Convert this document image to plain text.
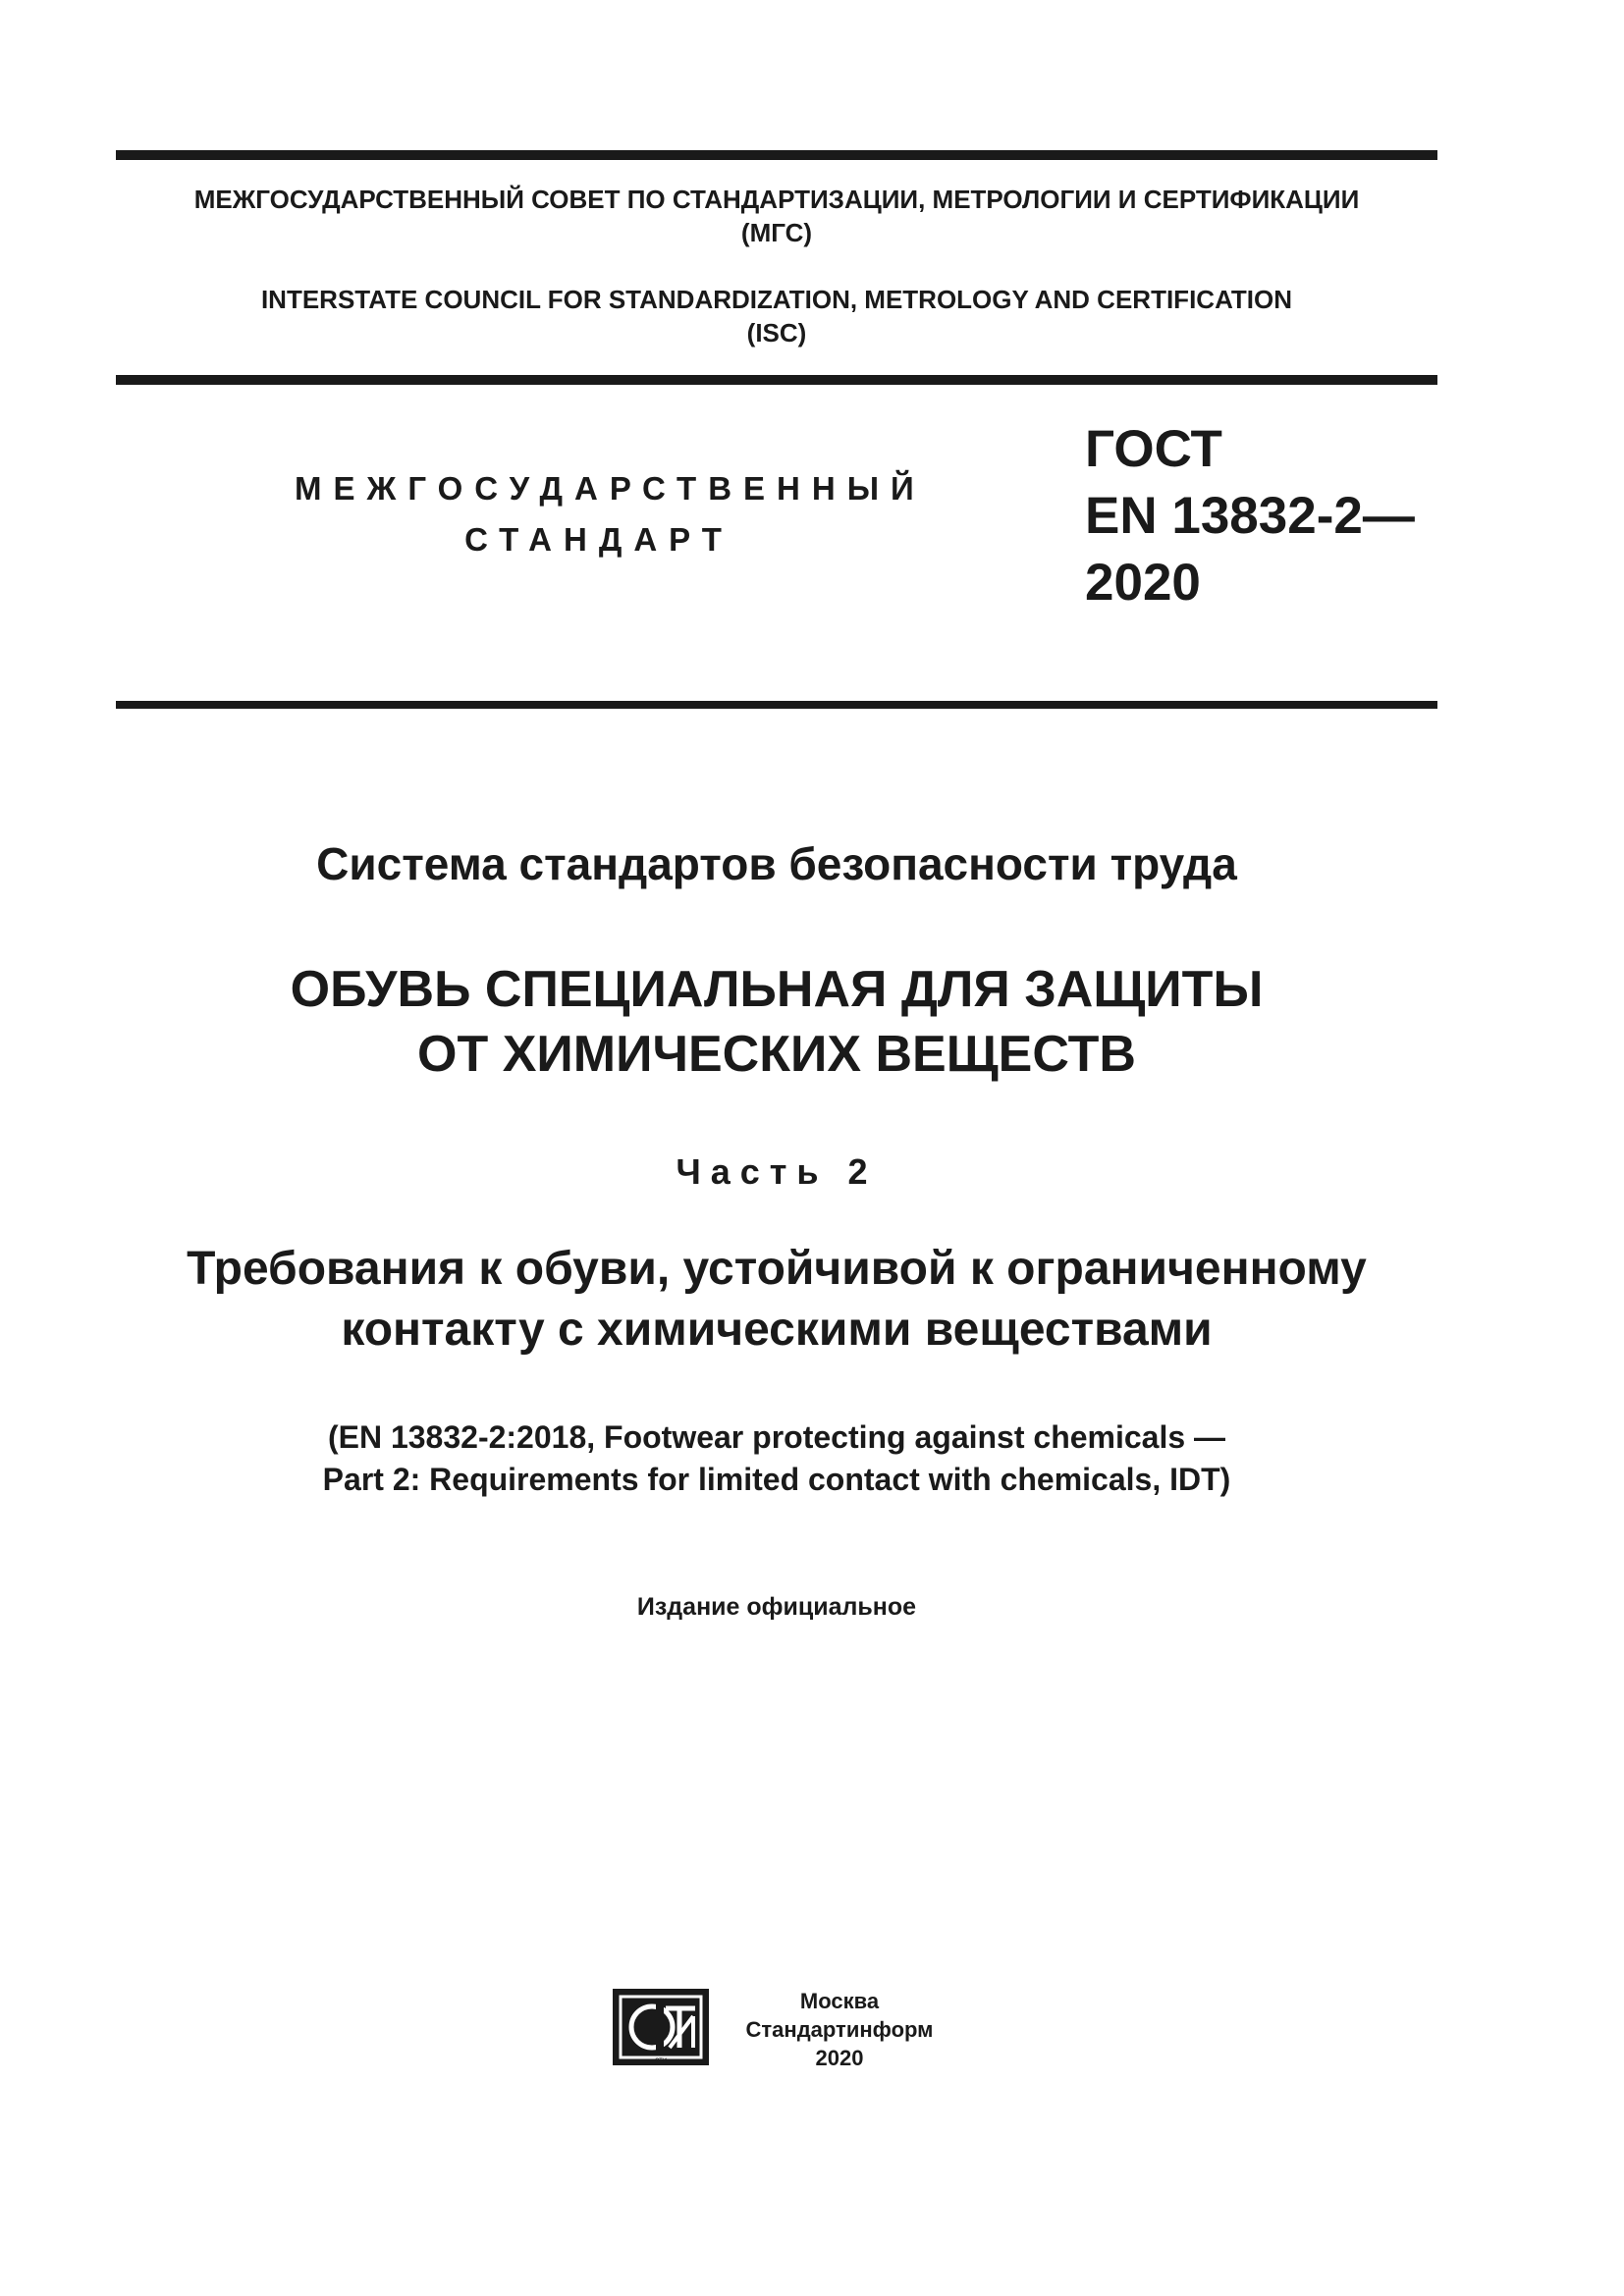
МЕЖГОСУДАРСТВЕННЫЙ СОВЕТ ПО СТАНДАРТИЗАЦИИ, МЕТРОЛОГИИ И СЕРТИФИКАЦИИ
(МГС)
INTERSTATE COUNCIL FOR STANDARDIZATION, METROLOGY AND CERTIFICATION
(ISC)
МЕЖГОСУДАРСТВЕННЫЙ
СТАНДАРТ
ГОСТ
EN 13832-2—
2020
Система стандартов безопасности труда
ОБУВЬ СПЕЦИАЛЬНАЯ ДЛЯ ЗАЩИТЫ
ОТ ХИМИЧЕСКИХ ВЕЩЕСТВ
Часть 2
Требования к обуви, устойчивой к ограниченному
контакту с химическими веществами
(EN 13832-2:2018, Footwear protecting against chemicals —
Part 2: Requirements for limited contact with chemicals, IDT)
Издание официальное
СТИ
Москва
Стандартинформ
2020
